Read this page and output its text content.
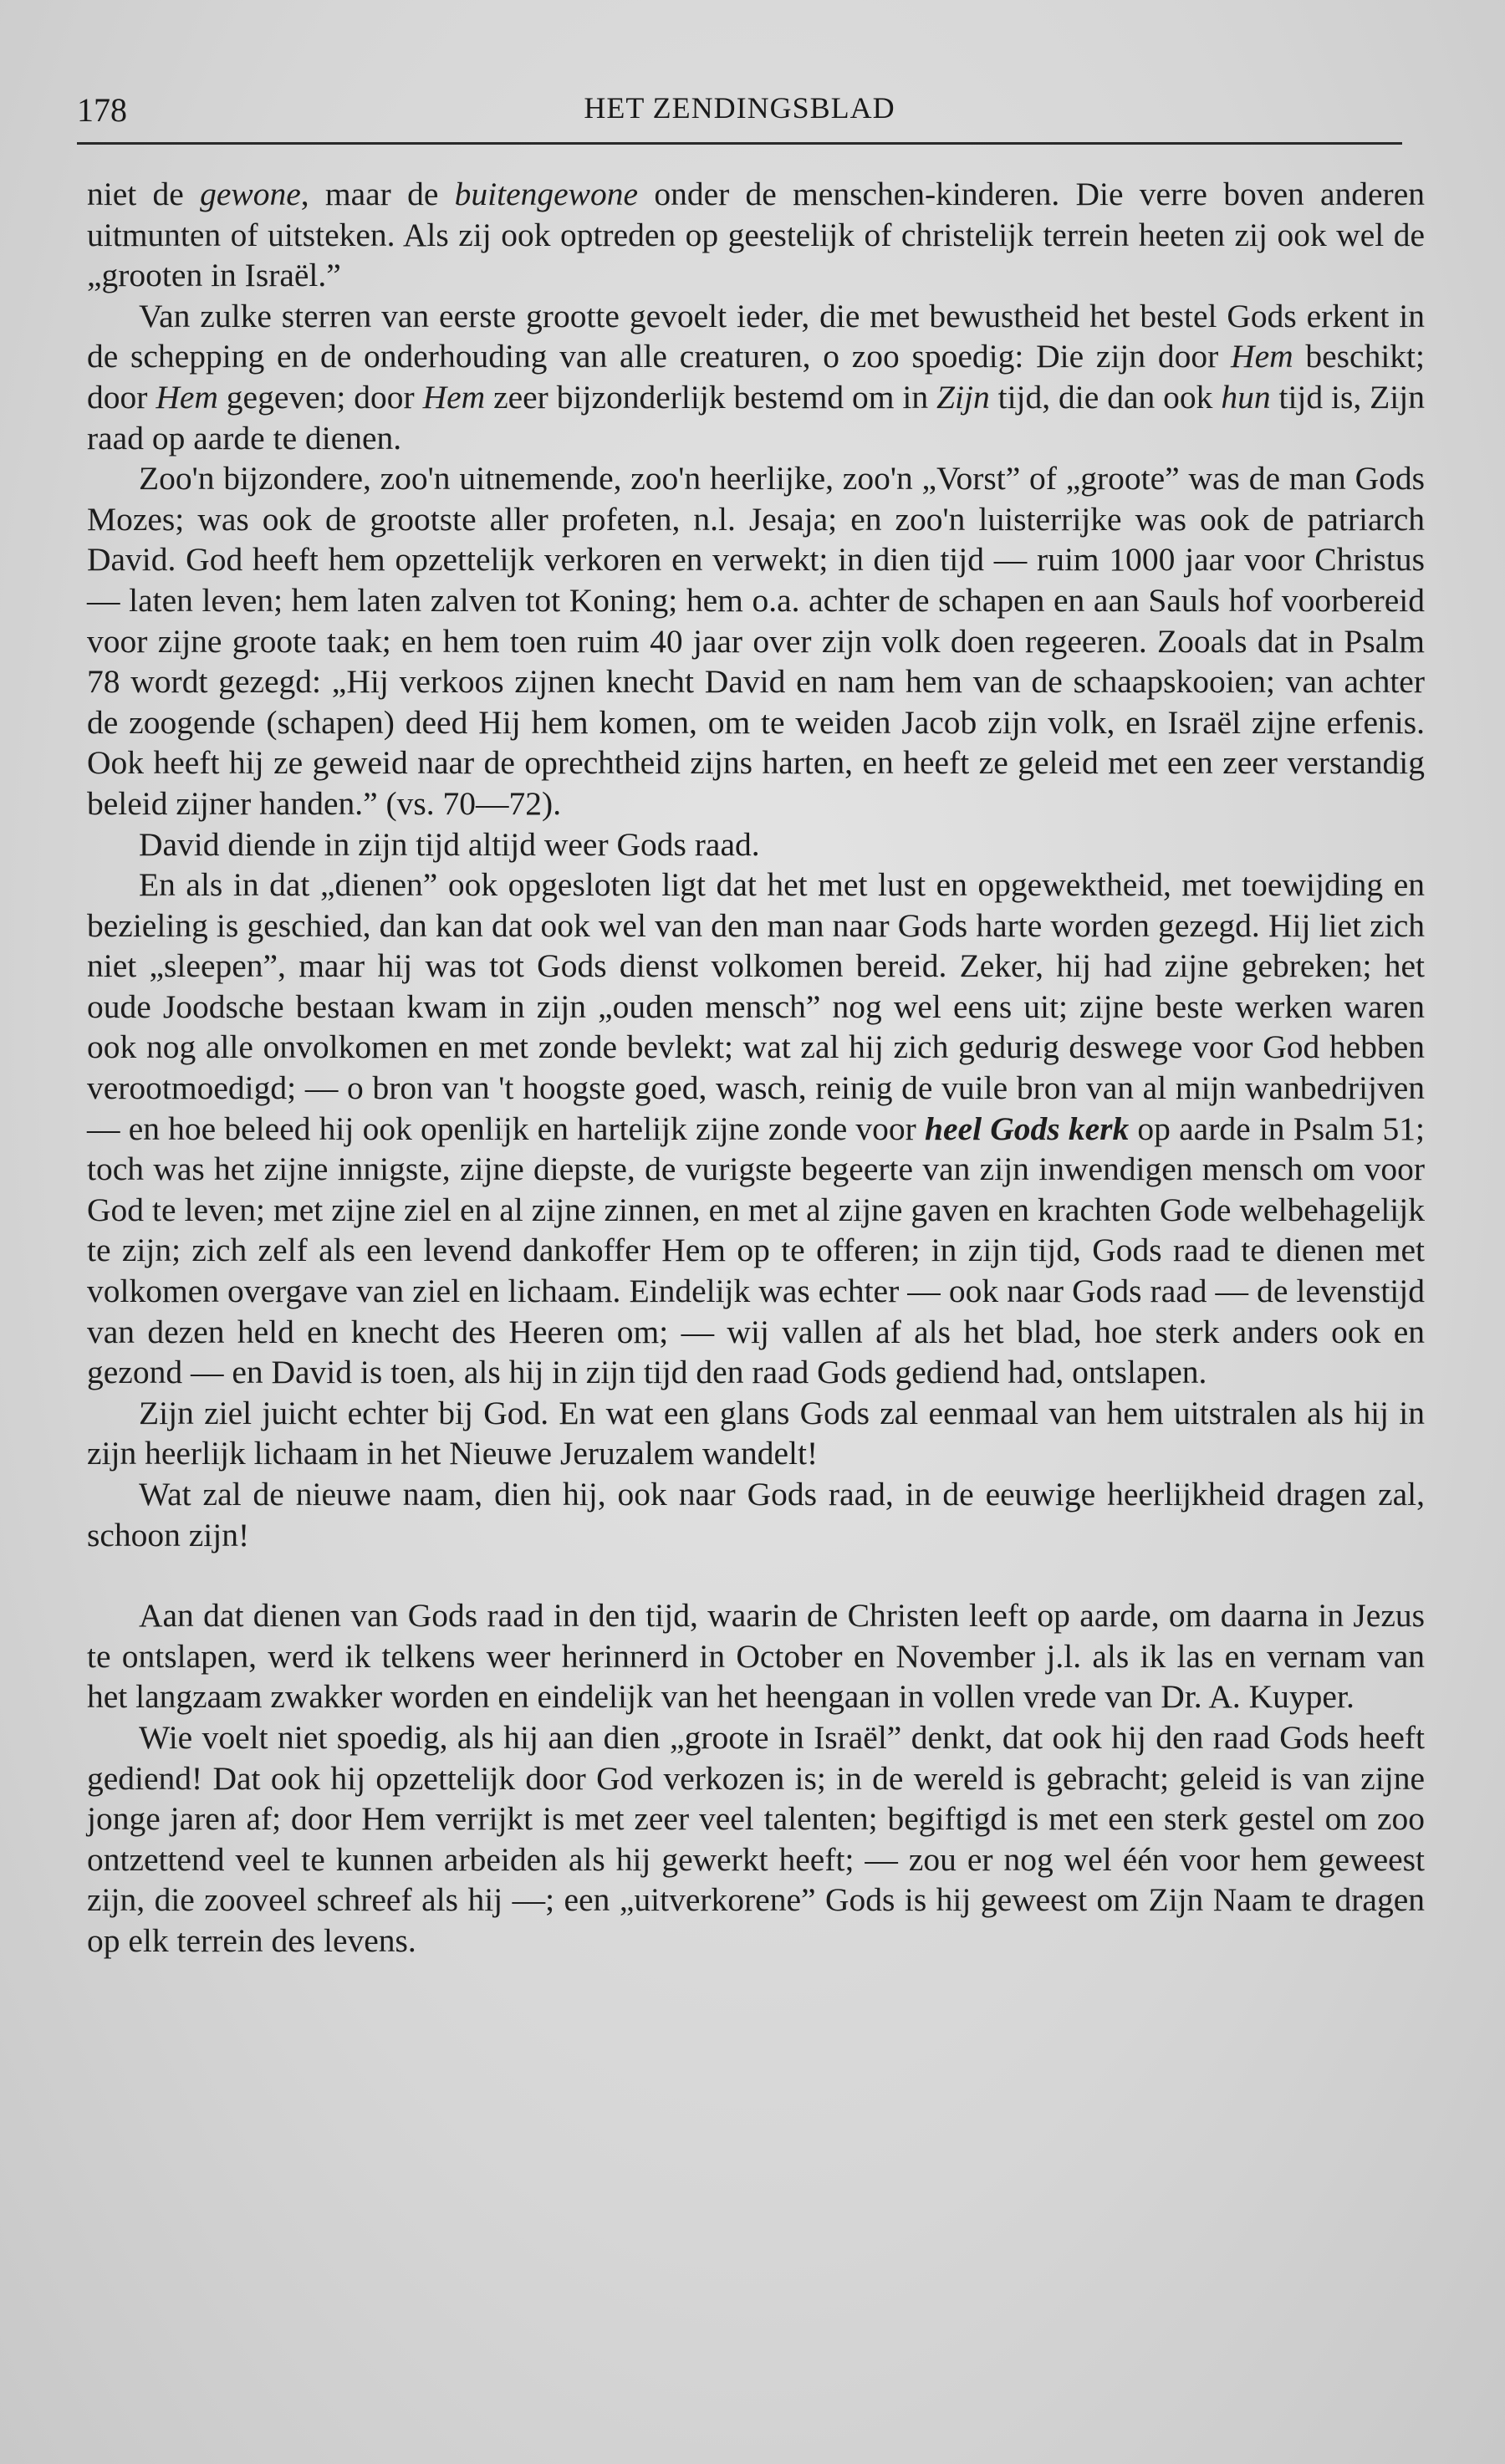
178	HET ZENDINGSBLAD

niet de gewone, maar de buitengewone onder de menschen-kinderen. Die verre boven anderen uitmunten of uitsteken. Als zij ook optreden op geestelijk of christelijk terrein heeten zij ook wel de „grooten in Israël.”

Van zulke sterren van eerste grootte gevoelt ieder, die met bewustheid het bestel Gods erkent in de schepping en de onderhouding van alle creaturen, o zoo spoedig: Die zijn door Hem beschikt; door Hem gegeven; door Hem zeer bijzonderlijk bestemd om in Zijn tijd, die dan ook hun tijd is, Zijn raad op aarde te dienen.

Zoo'n bijzondere, zoo'n uitnemende, zoo'n heerlijke, zoo'n „Vorst” of „groote” was de man Gods Mozes; was ook de grootste aller profeten, n.l. Jesaja; en zoo'n luisterrijke was ook de patriarch David. God heeft hem opzettelijk verkoren en verwekt; in dien tijd — ruim 1000 jaar voor Christus — laten leven; hem laten zalven tot Koning; hem o.a. achter de schapen en aan Sauls hof voorbereid voor zijne groote taak; en hem toen ruim 40 jaar over zijn volk doen regeeren. Zooals dat in Psalm 78 wordt gezegd: „Hij verkoos zijnen knecht David en nam hem van de schaapskooien; van achter de zoogende (schapen) deed Hij hem komen, om te weiden Jacob zijn volk, en Israël zijne erfenis. Ook heeft hij ze geweid naar de oprechtheid zijns harten, en heeft ze geleid met een zeer verstandig beleid zijner handen.” (vs. 70—72).

David diende in zijn tijd altijd weer Gods raad.

En als in dat „dienen” ook opgesloten ligt dat het met lust en opgewektheid, met toewijding en bezieling is geschied, dan kan dat ook wel van den man naar Gods harte worden gezegd. Hij liet zich niet „sleepen”, maar hij was tot Gods dienst volkomen bereid. Zeker, hij had zijne gebreken; het oude Joodsche bestaan kwam in zijn „ouden mensch” nog wel eens uit; zijne beste werken waren ook nog alle onvolkomen en met zonde bevlekt; wat zal hij zich gedurig deswege voor God hebben verootmoedigd; — o bron van 't hoogste goed, wasch, reinig de vuile bron van al mijn wanbedrijven — en hoe beleed hij ook openlijk en hartelijk zijne zonde voor heel Gods kerk op aarde in Psalm 51; toch was het zijne innigste, zijne diepste, de vurigste begeerte van zijn inwendigen mensch om voor God te leven; met zijne ziel en al zijne zinnen, en met al zijne gaven en krachten Gode welbehagelijk te zijn; zich zelf als een levend dankoffer Hem op te offeren; in zijn tijd, Gods raad te dienen met volkomen overgave van ziel en lichaam. Eindelijk was echter — ook naar Gods raad — de levenstijd van dezen held en knecht des Heeren om; — wij vallen af als het blad, hoe sterk anders ook en gezond — en David is toen, als hij in zijn tijd den raad Gods gediend had, ontslapen.

Zijn ziel juicht echter bij God. En wat een glans Gods zal eenmaal van hem uitstralen als hij in zijn heerlijk lichaam in het Nieuwe Jeruzalem wandelt!

Wat zal de nieuwe naam, dien hij, ook naar Gods raad, in de eeuwige heerlijkheid dragen zal, schoon zijn!

Aan dat dienen van Gods raad in den tijd, waarin de Christen leeft op aarde, om daarna in Jezus te ontslapen, werd ik telkens weer herinnerd in October en November j.l. als ik las en vernam van het langzaam zwakker worden en eindelijk van het heengaan in vollen vrede van Dr. A. Kuyper.

Wie voelt niet spoedig, als hij aan dien „groote in Israël” denkt, dat ook hij den raad Gods heeft gediend! Dat ook hij opzettelijk door God verkozen is; in de wereld is gebracht; geleid is van zijne jonge jaren af; door Hem verrijkt is met zeer veel talenten; begiftigd is met een sterk gestel om zoo ontzettend veel te kunnen arbeiden als hij gewerkt heeft; — zou er nog wel één voor hem geweest zijn, die zooveel schreef als hij —; een „uitverkorene” Gods is hij geweest om Zijn Naam te dragen op elk terrein des levens.
